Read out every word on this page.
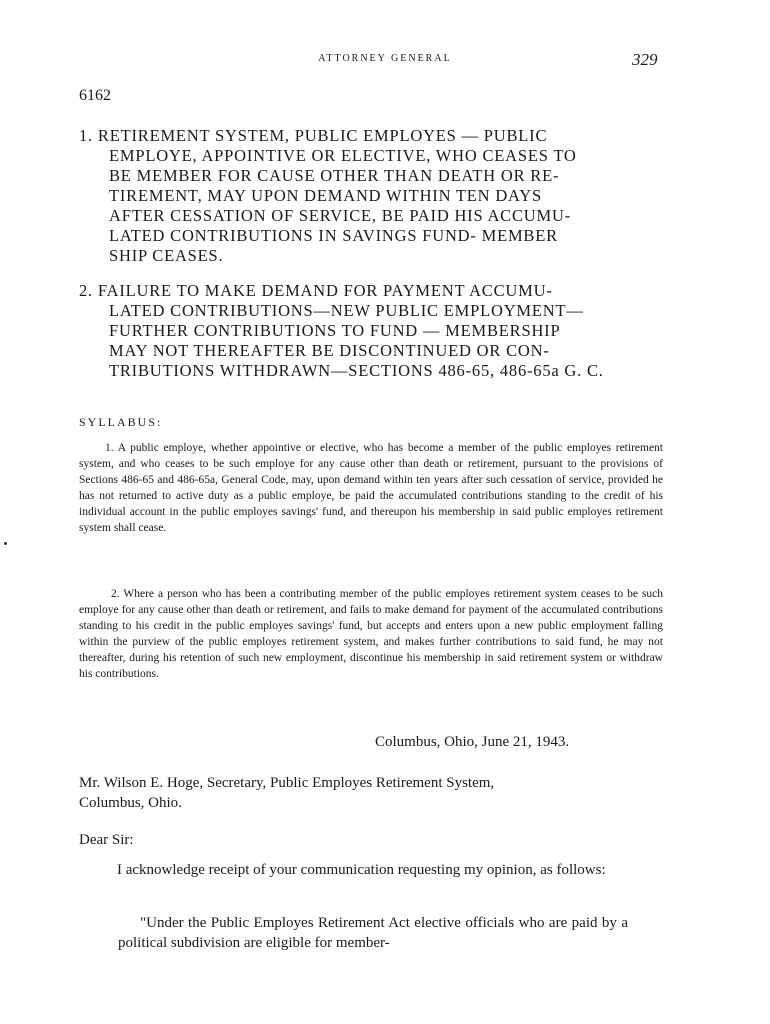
ATTORNEY GENERAL	329
6162
1. RETIREMENT SYSTEM, PUBLIC EMPLOYES — PUBLIC
EMPLOYE, APPOINTIVE OR ELECTIVE, WHO CEASES TO
BE MEMBER FOR CAUSE OTHER THAN DEATH OR RE-
TIREMENT, MAY UPON DEMAND WITHIN TEN DAYS
AFTER CESSATION OF SERVICE, BE PAID HIS ACCUMU-
LATED CONTRIBUTIONS IN SAVINGS FUND- MEMBER
SHIP CEASES.
2. FAILURE TO MAKE DEMAND FOR PAYMENT ACCUMU-
LATED CONTRIBUTIONS—NEW PUBLIC EMPLOYMENT—
FURTHER CONTRIBUTIONS TO FUND — MEMBERSHIP
MAY NOT THEREAFTER BE DISCONTINUED OR CON-
TRIBUTIONS WITHDRAWN—SECTIONS 486-65, 486-65a G. C.
SYLLABUS:

1. A public employe, whether appointive or elective, who has become a member of the public employes retirement system, and who ceases to be such employe for any cause other than death or retirement, pursuant to the provisions of Sections 486-65 and 486-65a, General Code, may, upon demand within ten years after such cessation of service, provided he has not returned to active duty as a public employe, be paid the accumulated contributions standing to the credit of his individual account in the public employes savings' fund, and thereupon his membership in said public employes retirement system shall cease.

2. Where a person who has been a contributing member of the public employes retirement system ceases to be such employe for any cause other than death or retirement, and fails to make demand for payment of the accumulated contributions standing to his credit in the public employes savings' fund, but accepts and enters upon a new public employment falling within the purview of the public employes retirement system, and makes further contributions to said fund, he may not thereafter, during his retention of such new employment, discontinue his membership in said retirement system or withdraw his contributions.

Columbus, Ohio, June 21, 1943.
Mr. Wilson E. Hoge, Secretary, Public Employes Retirement System,
Columbus, Ohio.
Dear Sir:

I acknowledge receipt of your communication requesting my opinion, as follows:

"Under the Public Employes Retirement Act elective officials who are paid by a political subdivision are eligible for member-
